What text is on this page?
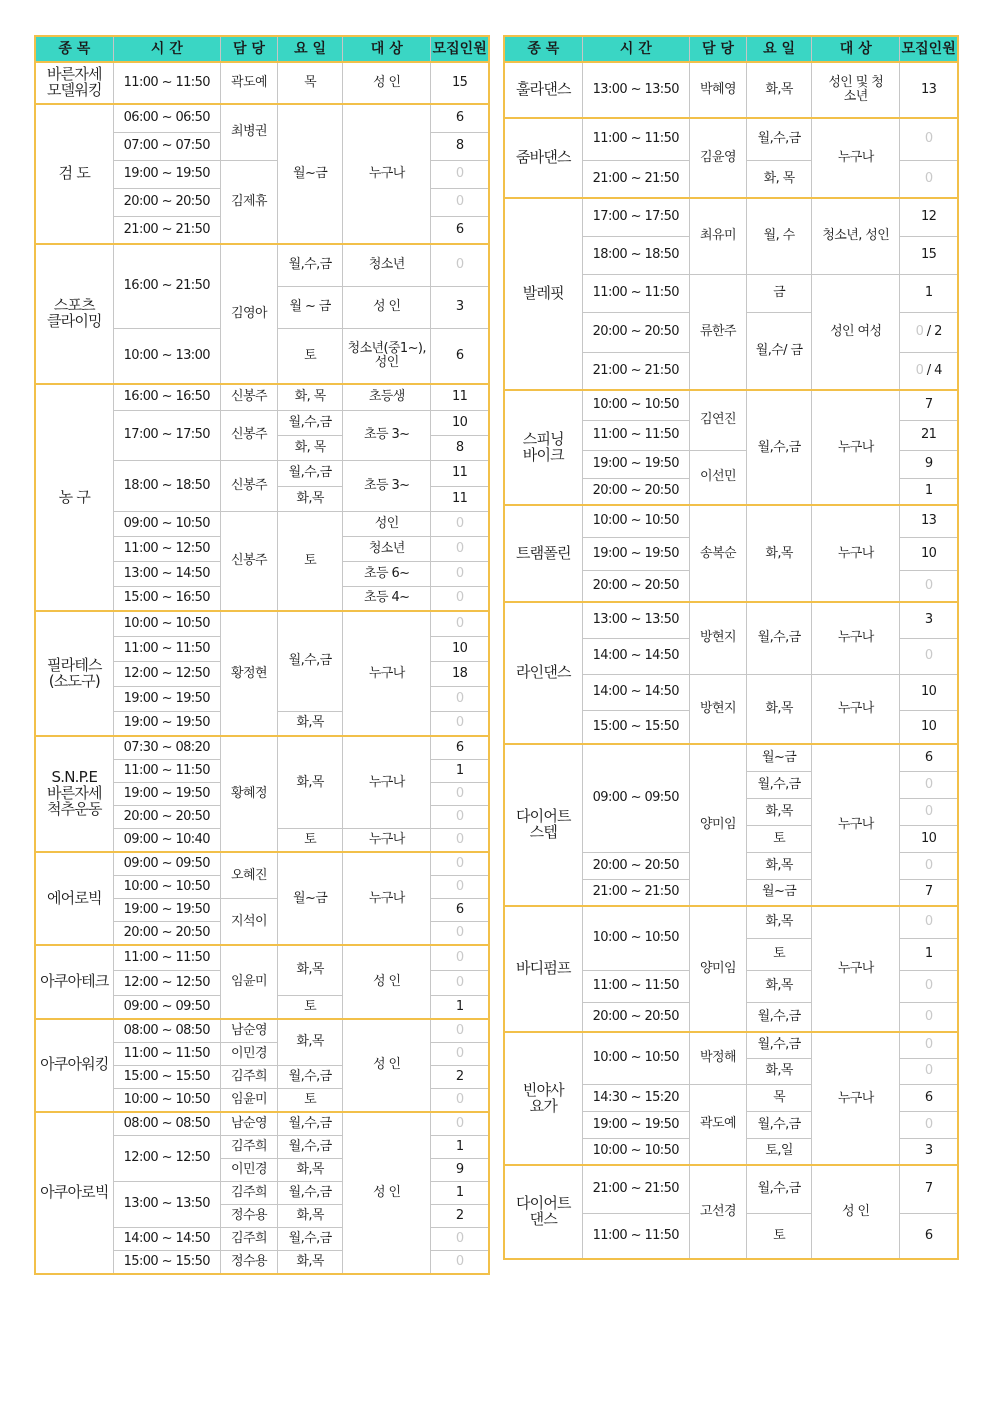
종 목	시 간	담 당	요 일	대 상	모집인원
바른자세
모델워킹	11:00 ~ 11:50	곽도예	목	성 인	15
검 도	06:00 ~ 06:50	최병권	월~금	누구나	6
	07:00 ~ 07:50				8
	19:00 ~ 19:50	김제휴			0
	20:00 ~ 20:50				0
	21:00 ~ 21:50				6
스포츠
클라이밍	16:00 ~ 21:50	김영아	월,수,금	청소년	0
			월 ~ 금	성 인	3
	10:00 ~ 13:00		토	청소년(중1~), 성인	6
농 구	16:00 ~ 16:50	신봉주	화, 목	초등생	11
	17:00 ~ 17:50	신봉주	월,수,금	초등 3~	10
			화, 목		8
	18:00 ~ 18:50	신봉주	월,수,금	초등 3~	11
			화,목		11
	09:00 ~ 10:50	신봉주	토	성인	0
	11:00 ~ 12:50			청소년	0
	13:00 ~ 14:50			초등 6~	0
	15:00 ~ 16:50			초등 4~	0
필라테스
(소도구)	10:00 ~ 10:50	황정현	월,수,금	누구나	0
	11:00 ~ 11:50				10
	12:00 ~ 12:50				18
	19:00 ~ 19:50				0
	19:00 ~ 19:50		화,목		0
S.N.P.E
바른자세
척추운동	07:30 ~ 08:20	황혜정	화,목	누구나	6
	11:00 ~ 11:50				1
	19:00 ~ 19:50				0
	20:00 ~ 20:50				0
	09:00 ~ 10:40		토	누구나	0
에어로빅	09:00 ~ 09:50	오혜진	월~금	누구나	0
	10:00 ~ 10:50				0
	19:00 ~ 19:50	지석이			6
	20:00 ~ 20:50				0
아쿠아테크	11:00 ~ 11:50	임윤미	화,목	성 인	0
	12:00 ~ 12:50				0
	09:00 ~ 09:50		토		1
아쿠아워킹	08:00 ~ 08:50	남순영	화,목	성 인	0
	11:00 ~ 11:50	이민경			0
	15:00 ~ 15:50	김주희	월,수,금		2
	10:00 ~ 10:50	임윤미	토		0
아쿠아로빅	08:00 ~ 08:50	남순영	월,수,금	성 인	0
	12:00 ~ 12:50	김주희	월,수,금		1
		이민경	화,목		9
	13:00 ~ 13:50	김주희	월,수,금		1
		정수용	화,목		2
	14:00 ~ 14:50	김주희	월,수,금		0
	15:00 ~ 15:50	정수용	화,목		0
종 목	시 간	담 당	요 일	대 상	모집인원
훌라댄스	13:00 ~ 13:50	박혜영	화,목	성인 및 청소년	13
줌바댄스	11:00 ~ 11:50	김윤영	월,수,금	누구나	0
	21:00 ~ 21:50		화, 목		0
발레핏	17:00 ~ 17:50	최유미	월, 수	청소년, 성인	12
	18:00 ~ 18:50				15
	11:00 ~ 11:50	류한주	금	성인 여성	1
	20:00 ~ 20:50		월,수/ 금		0 / 2
	21:00 ~ 21:50				0 / 4
스피닝
바이크	10:00 ~ 10:50	김연진	월,수,금	누구나	7
	11:00 ~ 11:50				21
	19:00 ~ 19:50	이선민			9
	20:00 ~ 20:50				1
트램폴린	10:00 ~ 10:50	송복순	화,목	누구나	13
	19:00 ~ 19:50				10
	20:00 ~ 20:50				0
라인댄스	13:00 ~ 13:50	방현지	월,수,금	누구나	3
	14:00 ~ 14:50				0
	14:00 ~ 14:50	방현지	화,목	누구나	10
	15:00 ~ 15:50				10
다이어트
스텝	09:00 ~ 09:50	양미임	월~금	누구나	6
			월,수,금		0
			화,목		0
			토		10
	20:00 ~ 20:50		화,목		0
	21:00 ~ 21:50		월~금		7
바디펌프	10:00 ~ 10:50	양미임	화,목	누구나	0
			토		1
	11:00 ~ 11:50		화,목		0
	20:00 ~ 20:50		월,수,금		0
빈야사
요가	10:00 ~ 10:50	박정해	월,수,금	누구나	0
			화,목		0
	14:30 ~ 15:20	곽도예	목		6
	19:00 ~ 19:50		월,수,금		0
	10:00 ~ 10:50		토,일		3
다이어트
댄스	21:00 ~ 21:50	고선경	월,수,금	성 인	7
	11:00 ~ 11:50		토		6
